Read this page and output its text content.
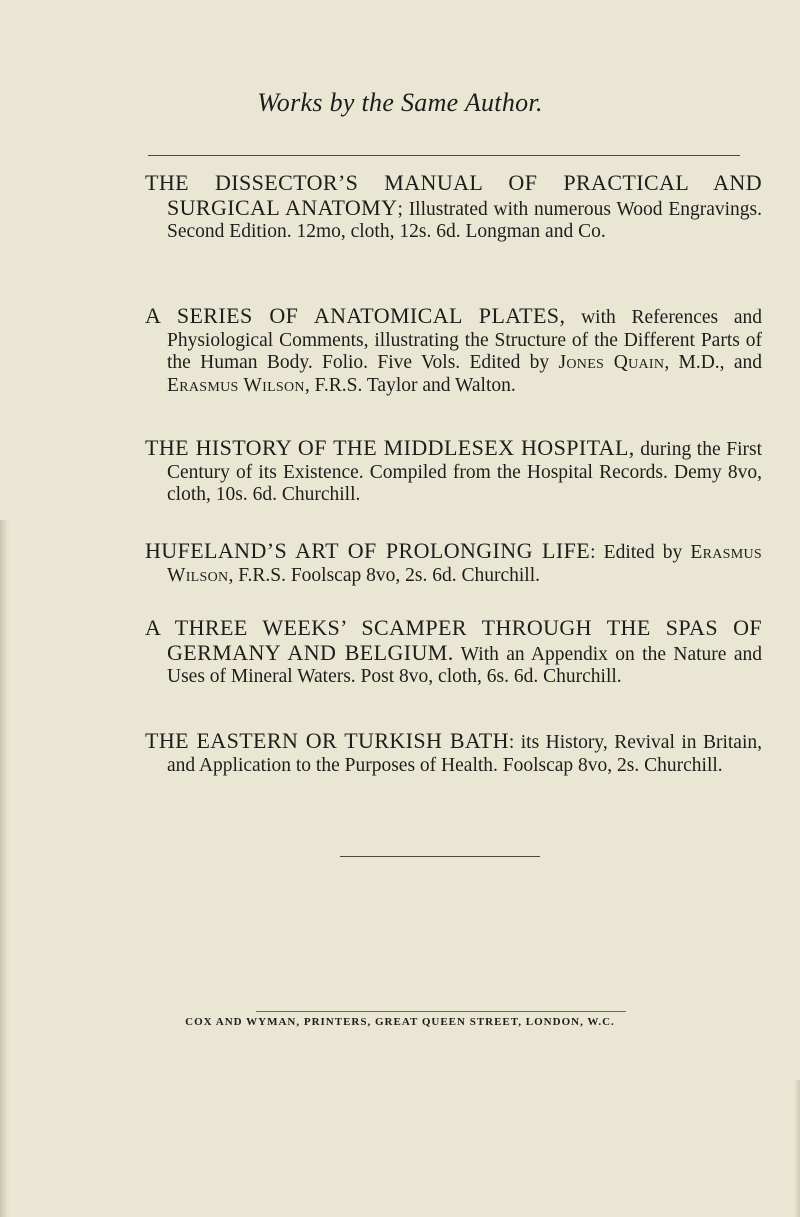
Works by the Same Author.
THE DISSECTOR’S MANUAL OF PRACTICAL AND SURGICAL ANATOMY; Illustrated with numerous Wood Engravings. Second Edition. 12mo, cloth, 12s. 6d. Longman and Co.
A SERIES OF ANATOMICAL PLATES, with References and Physiological Comments, illustrating the Structure of the Different Parts of the Human Body. Folio. Five Vols. Edited by Jones Quain, M.D., and Erasmus Wilson, F.R.S. Taylor and Walton.
THE HISTORY OF THE MIDDLESEX HOSPITAL, during the First Century of its Existence. Compiled from the Hospital Records. Demy 8vo, cloth, 10s. 6d. Churchill.
HUFELAND’S ART OF PROLONGING LIFE: Edited by Erasmus Wilson, F.R.S. Foolscap 8vo, 2s. 6d. Churchill.
A THREE WEEKS’ SCAMPER THROUGH THE SPAS OF GERMANY AND BELGIUM. With an Appendix on the Nature and Uses of Mineral Waters. Post 8vo, cloth, 6s. 6d. Churchill.
THE EASTERN OR TURKISH BATH: its History, Revival in Britain, and Application to the Purposes of Health. Foolscap 8vo, 2s. Churchill.
COX AND WYMAN, PRINTERS, GREAT QUEEN STREET, LONDON, W.C.
